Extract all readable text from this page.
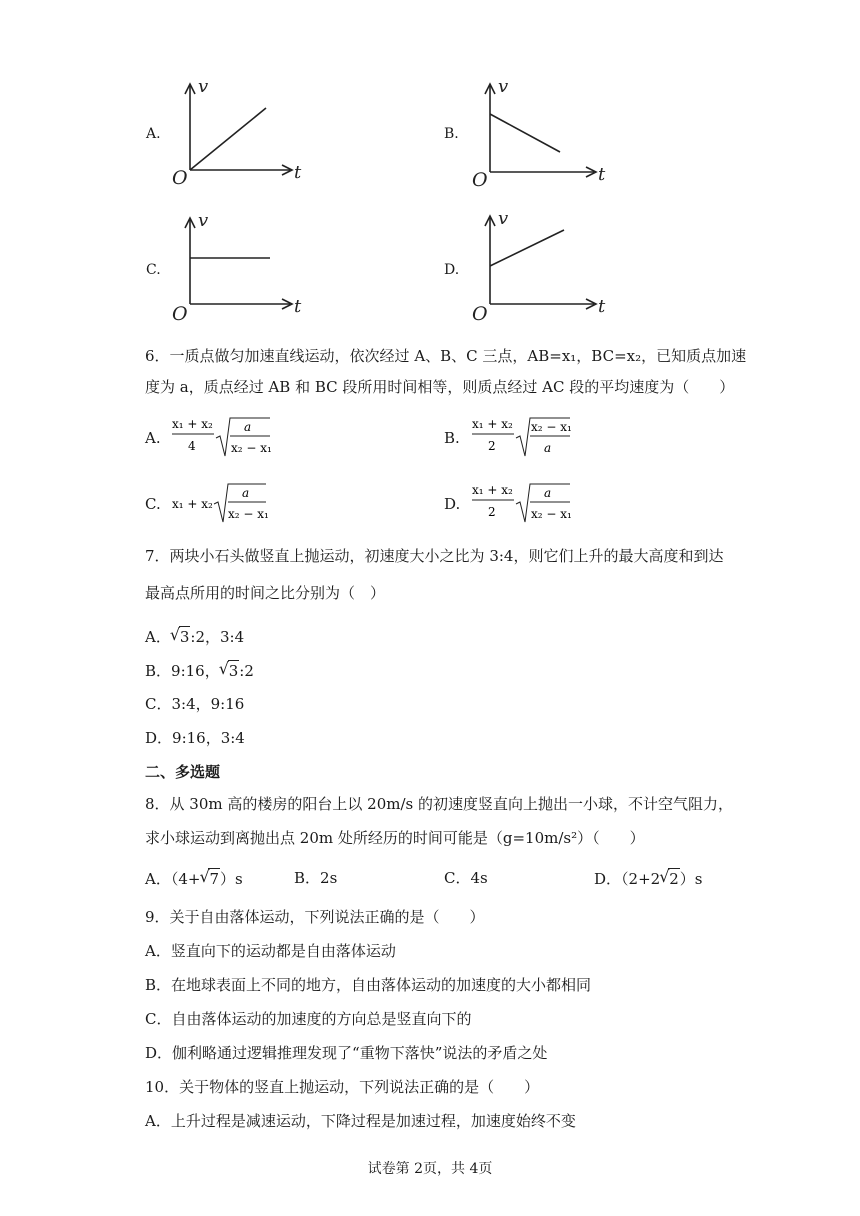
A.
v
t
O
B.
v
t
O
C.
v
t
O
D.
v
t
O
6．一质点做匀加速直线运动，依次经过 A、B、C 三点，AB=x₁，BC=x₂，已知质点加速
度为 a，质点经过 AB 和 BC 段所用时间相等，则质点经过 AC 段的平均速度为（　　）
A.
x₁ + x₂
4
a
x₂ − x₁
B.
x₁ + x₂
2
x₂ − x₁
a
C. x₁ + x₂
a
x₂ − x₁
D.
x₁ + x₂
2
a
x₂ − x₁
7．两块小石头做竖直上抛运动，初速度大小之比为 3:4，则它们上升的最大高度和到达
最高点所用的时间之比分别为（　）
A． √ 3:2，3:4
B．9:16， √ 3:2
C．3:4，9:16
D．9:16，3:4
二、多选题
8．从 30m 高的楼房的阳台上以 20m/s 的初速度竖直向上抛出一小球，不计空气阻力，
求小球运动到离抛出点 20m 处所经历的时间可能是（g=10m/s²）（　　）
A．（4+ √ 7）s	B．2s	C．4s	D．（2+2 √ 2）s
9．关于自由落体运动，下列说法正确的是（　　）
A．竖直向下的运动都是自由落体运动
B．在地球表面上不同的地方，自由落体运动的加速度的大小都相同
C．自由落体运动的加速度的方向总是竖直向下的
D．伽利略通过逻辑推理发现了“重物下落快”说法的矛盾之处
10．关于物体的竖直上抛运动，下列说法正确的是（　　）
A．上升过程是减速运动，下降过程是加速过程，加速度始终不变
试卷第 2页，共 4页
